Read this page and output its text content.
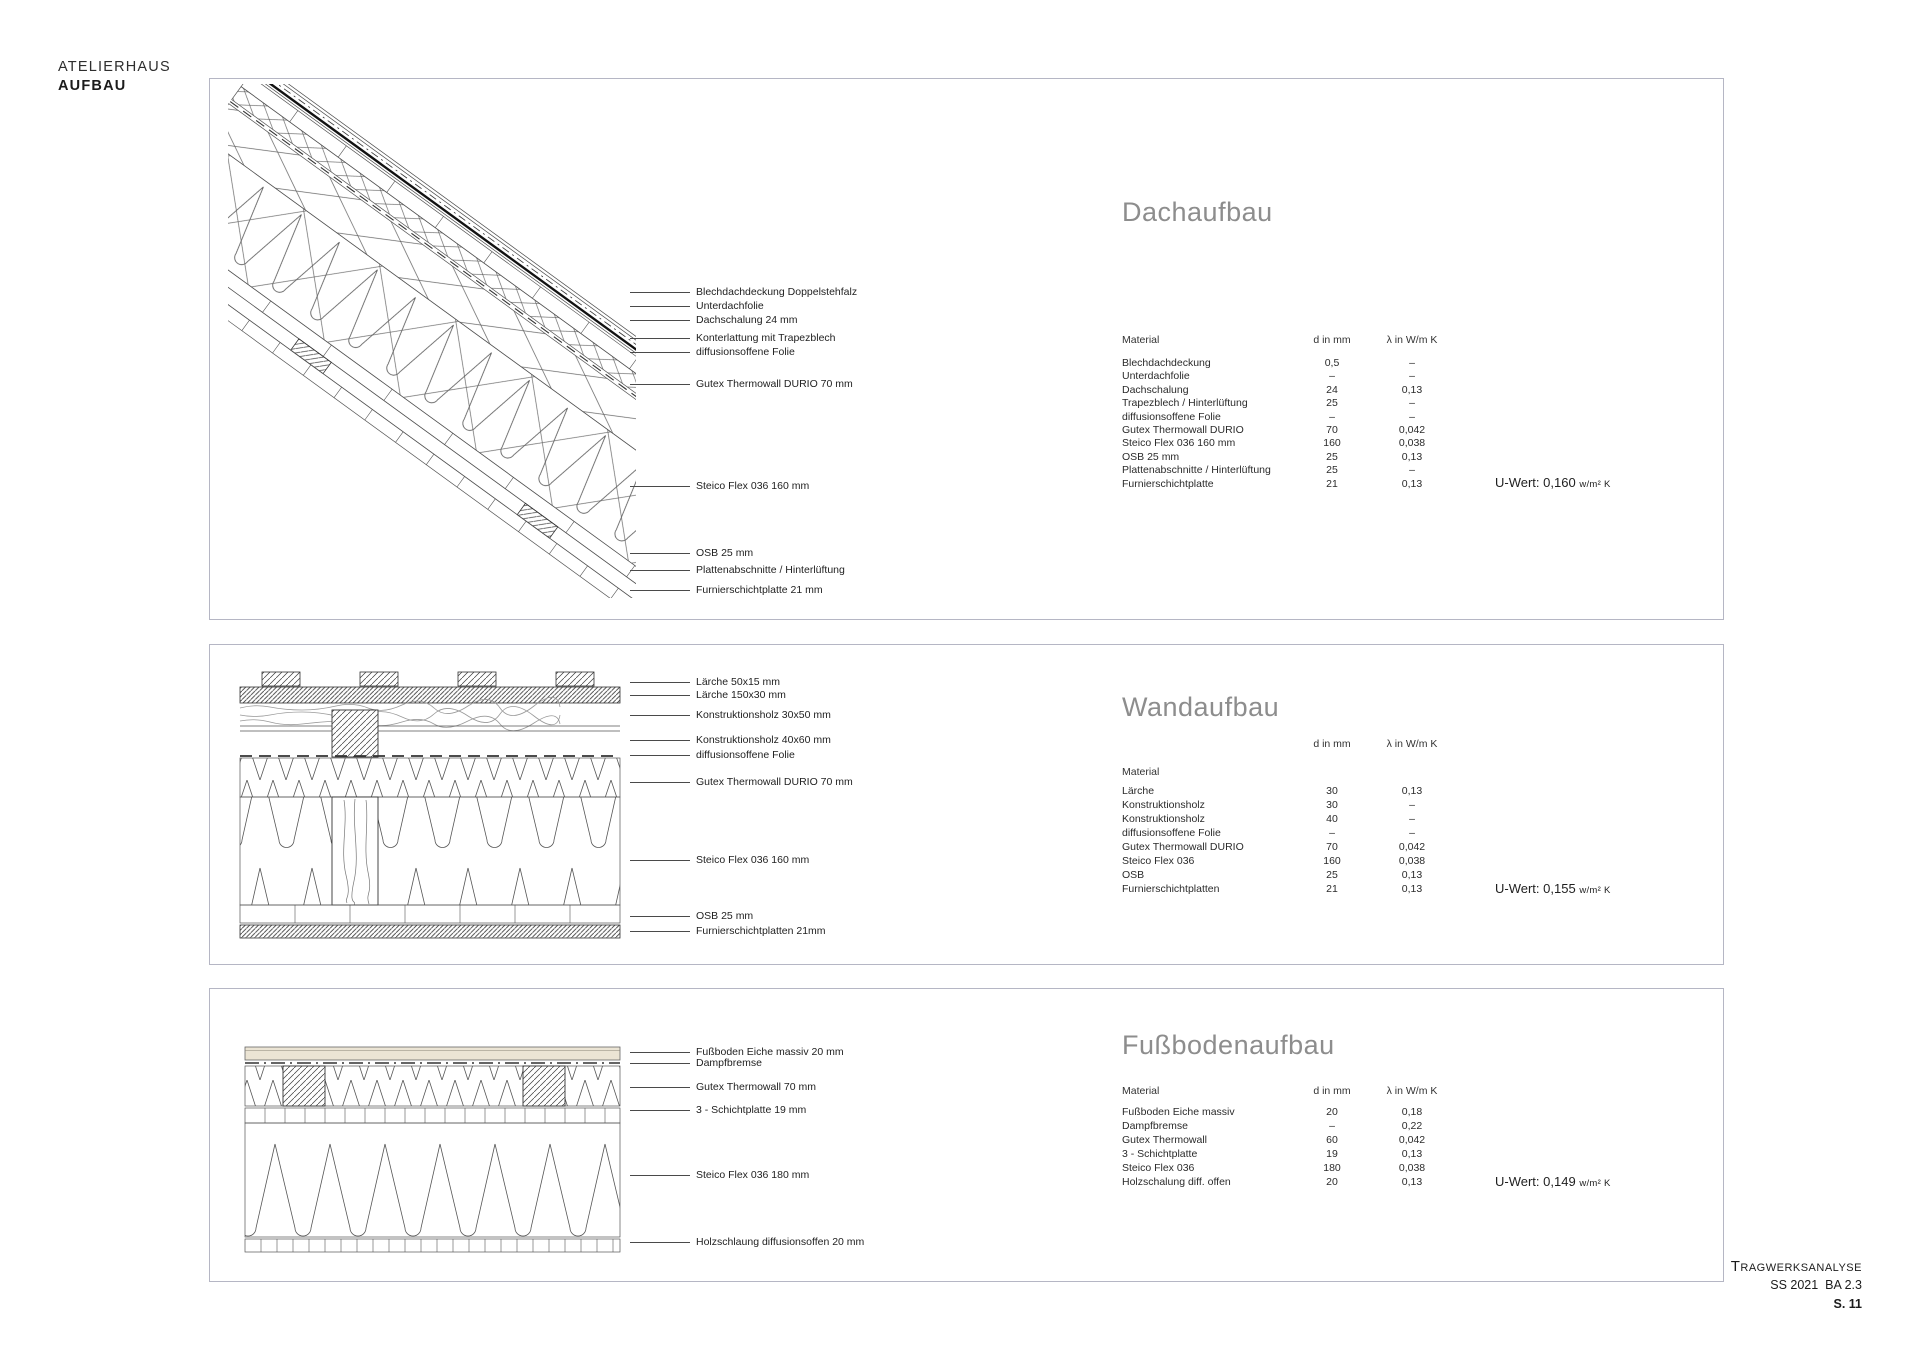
ATELIERHAUS
AUFBAU
Dachaufbau
Blechdachdeckung Doppelstehfalz
Unterdachfolie
Dachschalung 24 mm
Konterlattung mit Trapezblech
diffusionsoffene Folie
Gutex Thermowall DURIO 70 mm
Steico Flex 036 160 mm
OSB 25 mm
Plattenabschnitte / Hinterlüftung
Furnierschichtplatte 21 mm
Material	d in mm	λ in W/m K
Blechdachdeckung	0,5	–
Unterdachfolie	–	–
Dachschalung	24	0,13
Trapezblech / Hinterlüftung	25	–
diffusionsoffene Folie	–	–
Gutex Thermowall DURIO	70	0,042
Steico Flex 036 160 mm	160	0,038
OSB 25 mm	25	0,13
Plattenabschnitte / Hinterlüftung	25	–
Furnierschichtplatte	21	0,13	U-Wert: 0,160 w/m² K
Wandaufbau
Lärche 50x15 mm
Lärche 150x30 mm
Konstruktionsholz 30x50 mm
Konstruktionsholz 40x60 mm
diffusionsoffene Folie
Gutex Thermowall DURIO 70 mm
Steico Flex 036 160 mm
OSB 25 mm
Furnierschichtplatten 21mm
d in mm	λ in W/m K
Material
Lärche	30	0,13
Konstruktionsholz	30	–
Konstruktionsholz	40	–
diffusionsoffene Folie	–	–
Gutex Thermowall DURIO	70	0,042
Steico Flex 036	160	0,038
OSB	25	0,13
Furnierschichtplatten	21	0,13	U-Wert: 0,155 w/m² K
Fußbodenaufbau
Fußboden Eiche massiv 20 mm
Dampfbremse
Gutex Thermowall 70 mm
3 - Schichtplatte 19 mm
Steico Flex 036 180 mm
Holzschlaung diffusionsoffen 20 mm
Material	d in mm	λ in W/m K
Fußboden Eiche massiv	20	0,18
Dampfbremse	–	0,22
Gutex Thermowall	60	0,042
3 - Schichtplatte	19	0,13
Steico Flex 036	180	0,038
Holzschalung diff. offen	20	0,13	U-Wert: 0,149 w/m² K
Tragwerksanalyse
SS 2021  BA 2.3
S. 11
